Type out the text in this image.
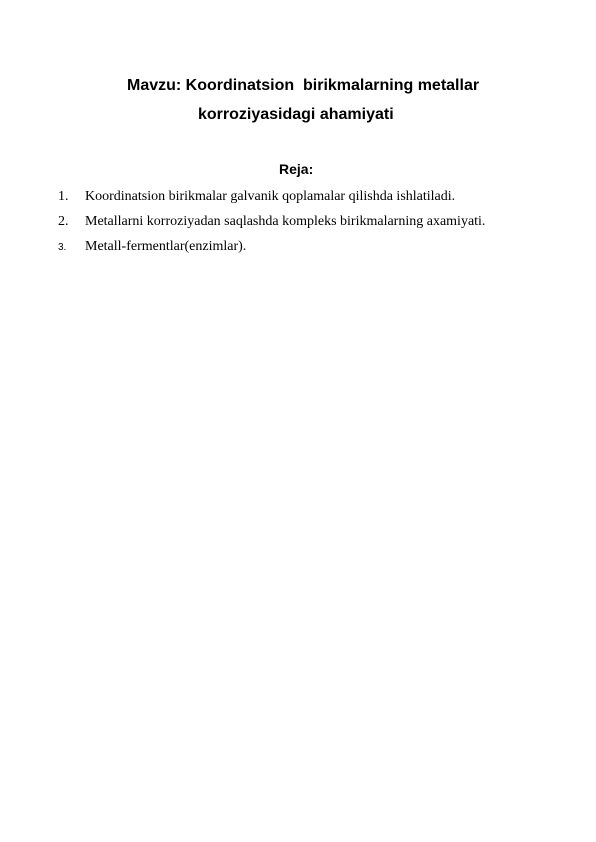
Mavzu: Koordinatsion  birikmalarning metallar
korroziyasidagi ahamiyati
Reja:
1. Koordinatsion birikmalar galvanik qoplamalar qilishda ishlatiladi.
2. Metallarni korroziyadan saqlashda kompleks birikmalarning axamiyati.
3. Metall-fermentlar(enzimlar).
